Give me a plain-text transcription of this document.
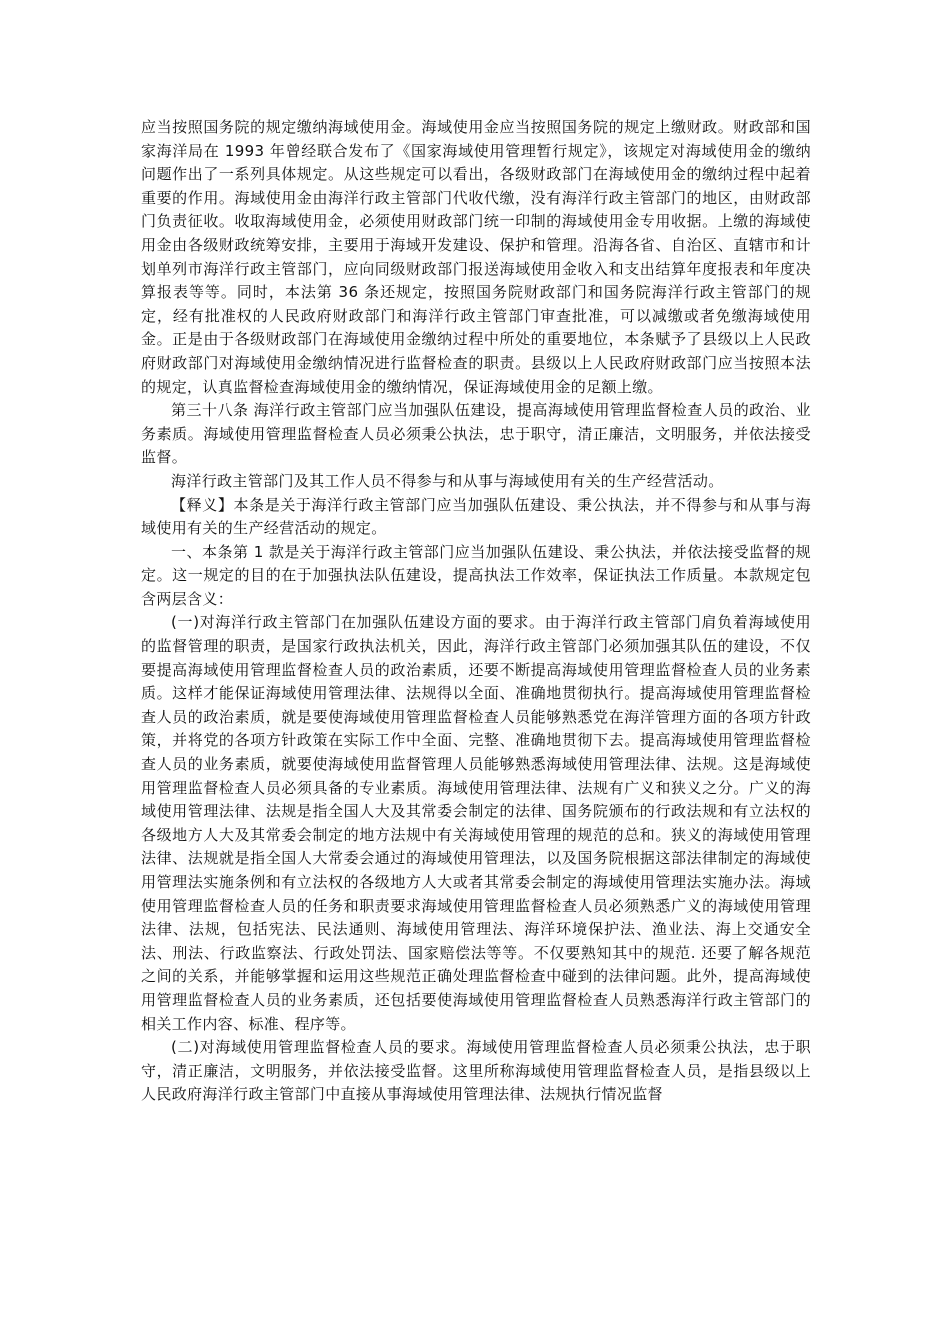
应当按照国务院的规定缴纳海域使用金。海域使用金应当按照国务院的规定上缴财政。财政部和国家海洋局在 1993 年曾经联合发布了《国家海域使用管理暂行规定》，该规定对海域使用金的缴纳问题作出了一系列具体规定。从这些规定可以看出，各级财政部门在海域使用金的缴纳过程中起着重要的作用。海域使用金由海洋行政主管部门代收代缴，没有海洋行政主管部门的地区，由财政部门负责征收。收取海域使用金，必须使用财政部门统一印制的海域使用金专用收据。上缴的海域使用金由各级财政统筹安排，主要用于海域开发建设、保护和管理。沿海各省、自治区、直辖市和计划单列市海洋行政主管部门，应向同级财政部门报送海域使用金收入和支出结算年度报表和年度决算报表等等。同时，本法第 36 条还规定，按照国务院财政部门和国务院海洋行政主管部门的规定，经有批准权的人民政府财政部门和海洋行政主管部门审查批准，可以减缴或者免缴海域使用金。正是由于各级财政部门在海域使用金缴纳过程中所处的重要地位，本条赋予了县级以上人民政府财政部门对海域使用金缴纳情况进行监督检查的职责。县级以上人民政府财政部门应当按照本法的规定，认真监督检查海域使用金的缴纳情况，保证海域使用金的足额上缴。

第三十八条 海洋行政主管部门应当加强队伍建设，提高海域使用管理监督检查人员的政治、业务素质。海域使用管理监督检查人员必须秉公执法，忠于职守，清正廉洁，文明服务，并依法接受监督。

海洋行政主管部门及其工作人员不得参与和从事与海域使用有关的生产经营活动。

【释义】本条是关于海洋行政主管部门应当加强队伍建设、秉公执法，并不得参与和从事与海域使用有关的生产经营活动的规定。

一、本条第 1 款是关于海洋行政主管部门应当加强队伍建设、秉公执法，并依法接受监督的规定。这一规定的目的在于加强执法队伍建设，提高执法工作效率，保证执法工作质量。本款规定包含两层含义：

(一)对海洋行政主管部门在加强队伍建设方面的要求。由于海洋行政主管部门肩负着海域使用的监督管理的职责，是国家行政执法机关，因此，海洋行政主管部门必须加强其队伍的建设，不仅要提高海域使用管理监督检查人员的政治素质，还要不断提高海域使用管理监督检查人员的业务素质。这样才能保证海域使用管理法律、法规得以全面、准确地贯彻执行。提高海域使用管理监督检查人员的政治素质，就是要使海域使用管理监督检查人员能够熟悉党在海洋管理方面的各项方针政策，并将党的各项方针政策在实际工作中全面、完整、准确地贯彻下去。提高海域使用管理监督检查人员的业务素质，就要使海域使用监督管理人员能够熟悉海域使用管理法律、法规。这是海域使用管理监督检查人员必须具备的专业素质。海域使用管理法律、法规有广义和狭义之分。广义的海域使用管理法律、法规是指全国人大及其常委会制定的法律、国务院颁布的行政法规和有立法权的各级地方人大及其常委会制定的地方法规中有关海域使用管理的规范的总和。狭义的海域使用管理法律、法规就是指全国人大常委会通过的海域使用管理法，以及国务院根据这部法律制定的海域使用管理法实施条例和有立法权的各级地方人大或者其常委会制定的海域使用管理法实施办法。海域使用管理监督检查人员的任务和职责要求海域使用管理监督检查人员必须熟悉广义的海域使用管理法律、法规，包括宪法、民法通则、海域使用管理法、海洋环境保护法、渔业法、海上交通安全法、刑法、行政监察法、行政处罚法、国家赔偿法等等。不仅要熟知其中的规范. 还要了解各规范之间的关系，并能够掌握和运用这些规范正确处理监督检查中碰到的法律问题。此外，提高海域使用管理监督检查人员的业务素质，还包括要使海域使用管理监督检查人员熟悉海洋行政主管部门的相关工作内容、标准、程序等。

(二)对海域使用管理监督检查人员的要求。海域使用管理监督检查人员必须秉公执法，忠于职守，清正廉洁，文明服务，并依法接受监督。这里所称海域使用管理监督检查人员，是指县级以上人民政府海洋行政主管部门中直接从事海域使用管理法律、法规执行情况监督
